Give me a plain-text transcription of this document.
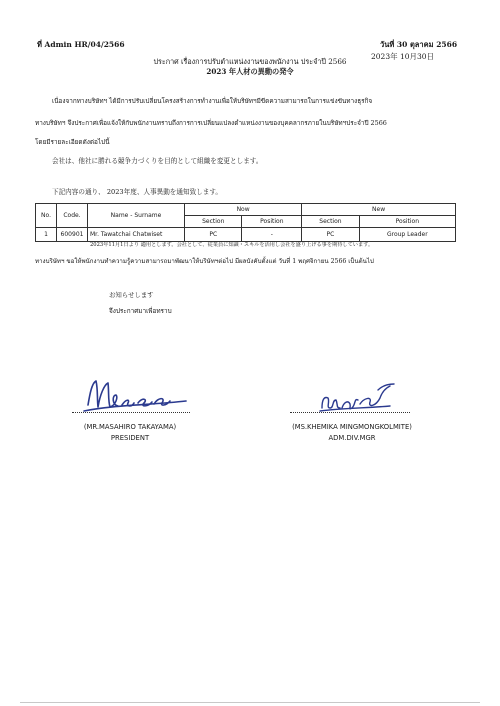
ที่ Admin HR/04/2566	วันที่ 30 ตุลาคม 2566
2023年 10月30日
ประกาศ เรื่องการปรับตำแหน่งงานของพนักงาน ประจำปี 2566
2023 年人材の異動の発令
เนื่องจากทางบริษัทฯ ได้มีการปรับเปลี่ยนโครงสร้างการทำงานเพื่อให้บริษัทฯมีขีดความสามารถในการแข่งขันทางธุรกิจ
ทางบริษัทฯ จึงประกาศเพื่อแจ้งให้กับพนักงานทราบถึงการการเปลี่ยนแปลงตำแหน่งงานของบุคคลากรภายในบริษัทฯประจำปี 2566
โดยมีรายละเอียดดังต่อไปนี้
会社は、他社に勝れる競争力づくりを目的として組織を変更とします。
下記内容の通り、 2023年度、人事異動を通知致します。
No.	Code.	Name - Surname	Now		New	
			Section	Position	Section	Position
1	600901	Mr. Tawatchai Chatwiset	PC	-	PC	Group Leader
2023年11月1日より 適用とします。会社として、従業員に知識・スキルを活用し会社を盛り上げる事を期待しています。
ทางบริษัทฯ ขอให้พนักงานทำความรู้ความสามารถมาพัฒนาให้บริษัทฯต่อไป มีผลบังคับตั้งแต่ วันที่ 1 พฤศจิกายน 2566 เป็นต้นไป
お知らせします
จึงประกาศมาเพื่อทราบ
(MR.MASAHIRO TAKAYAMA)
PRESIDENT
(MS.KHEMIKA MINGMONGKOLMITE)
ADM.DIV.MGR
